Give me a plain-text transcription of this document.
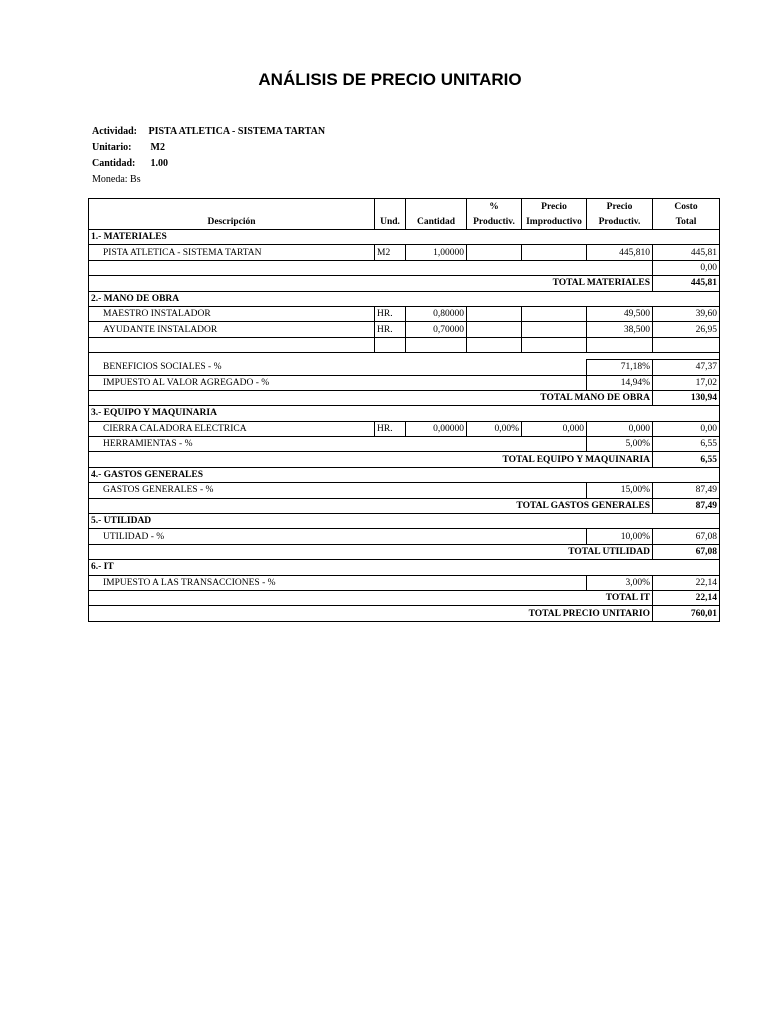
ANÁLISIS DE PRECIO UNITARIO
Actividad: PISTA ATLETICA - SISTEMA TARTAN
Unitario: M2
Cantidad: 1.00
Moneda: Bs
			%	Precio	Precio	Costo
Descripción	Und.	Cantidad	Productiv.	Improductivo	Productiv.	Total
1.- MATERIALES						
PISTA ATLETICA - SISTEMA TARTAN	M2	1,00000			445,810	445,81
						0,00
TOTAL MATERIALES						445,81
2.- MANO DE OBRA						
MAESTRO INSTALADOR	HR.	0,80000			49,500	39,60
AYUDANTE INSTALADOR	HR.	0,70000			38,500	26,95

BENEFICIOS SOCIALES - %					71,18%	47,37
IMPUESTO AL VALOR AGREGADO - %					14,94%	17,02
TOTAL MANO DE OBRA						130,94
3.- EQUIPO Y MAQUINARIA						
CIERRA CALADORA ELECTRICA	HR.	0,00000	0,00%	0,000	0,000	0,00
HERRAMIENTAS - %					5,00%	6,55
TOTAL EQUIPO Y MAQUINARIA						6,55
4.- GASTOS GENERALES						
GASTOS GENERALES - %					15,00%	87,49
TOTAL GASTOS GENERALES						87,49
5.- UTILIDAD						
UTILIDAD - %					10,00%	67,08
TOTAL UTILIDAD						67,08
6.- IT						
IMPUESTO A LAS TRANSACCIONES - %					3,00%	22,14
TOTAL IT						22,14
TOTAL PRECIO UNITARIO						760,01
